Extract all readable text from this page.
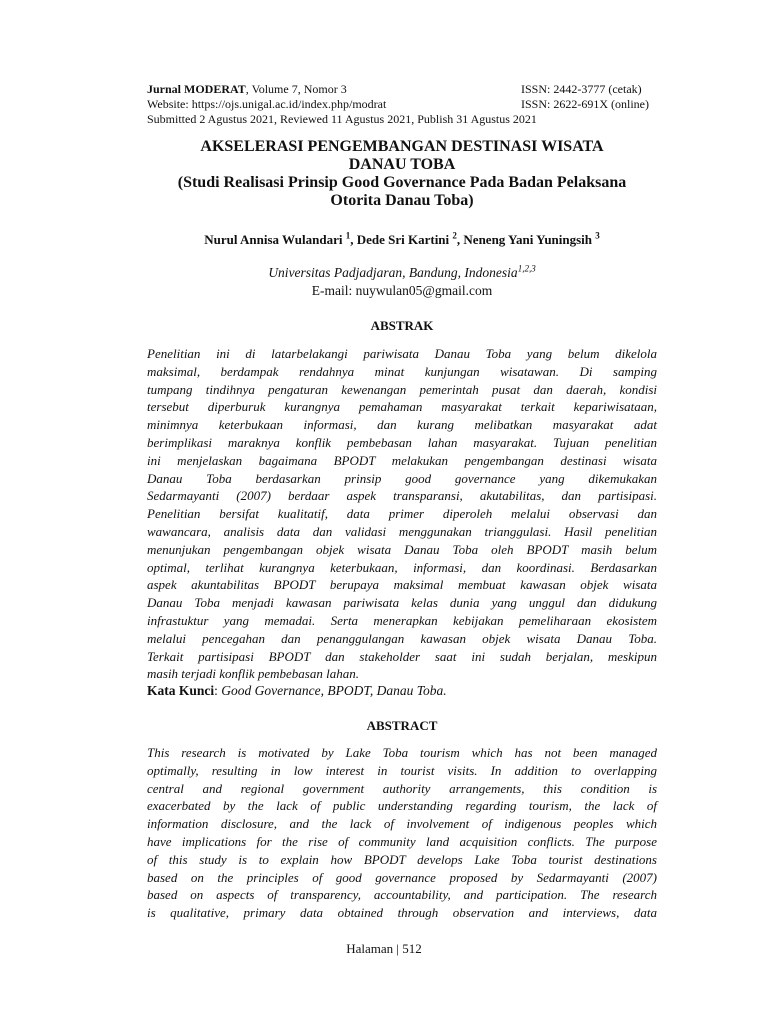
Jurnal MODERAT, Volume 7, Nomor 3	ISSN: 2442-3777 (cetak)
Website: https://ojs.unigal.ac.id/index.php/modrat	ISSN: 2622-691X (online)
Submitted 2 Agustus 2021, Reviewed 11 Agustus 2021, Publish 31 Agustus 2021
AKSELERASI PENGEMBANGAN DESTINASI WISATA
DANAU TOBA
(Studi Realisasi Prinsip Good Governance Pada Badan Pelaksana
Otorita Danau Toba)
Nurul Annisa Wulandari $^1$, Dede Sri Kartini $^2$, Neneng Yani Yuningsih $^3$
Universitas Padjadjaran, Bandung, Indonesia$^{1,2,3}$
E-mail: nuywulan05@gmail.com
ABSTRAK
Penelitian ini di latarbelakangi pariwisata Danau Toba yang belum dikelola
maksimal, berdampak rendahnya minat kunjungan wisatawan. Di samping
tumpang tindihnya pengaturan kewenangan pemerintah pusat dan daerah, kondisi
tersebut diperburuk kurangnya pemahaman masyarakat terkait kepariwisataan,
minimnya keterbukaan informasi, dan kurang melibatkan masyarakat adat
berimplikasi maraknya konflik pembebasan lahan masyarakat. Tujuan penelitian
ini menjelaskan bagaimana BPODT melakukan pengembangan destinasi wisata
Danau Toba berdasarkan prinsip good governance yang dikemukakan
Sedarmayanti (2007) berdaar aspek transparansi, akutabilitas, dan partisipasi.
Penelitian bersifat kualitatif, data primer diperoleh melalui observasi dan
wawancara, analisis data dan validasi menggunakan trianggulasi. Hasil penelitian
menunjukan pengembangan objek wisata Danau Toba oleh BPODT masih belum
optimal, terlihat kurangnya keterbukaan, informasi, dan koordinasi. Berdasarkan
aspek akuntabilitas BPODT berupaya maksimal membuat kawasan objek wisata
Danau Toba menjadi kawasan pariwisata kelas dunia yang unggul dan didukung
infrastuktur yang memadai. Serta menerapkan kebijakan pemeliharaan ekosistem
melalui pencegahan dan penanggulangan kawasan objek wisata Danau Toba.
Terkait partisipasi BPODT dan stakeholder saat ini sudah berjalan, meskipun
masih terjadi konflik pembebasan lahan.
Kata Kunci: Good Governance, BPODT, Danau Toba.
ABSTRACT
This research is motivated by Lake Toba tourism which has not been managed
optimally, resulting in low interest in tourist visits. In addition to overlapping
central and regional government authority arrangements, this condition is
exacerbated by the lack of public understanding regarding tourism, the lack of
information disclosure, and the lack of involvement of indigenous peoples which
have implications for the rise of community land acquisition conflicts. The purpose
of this study is to explain how BPODT develops Lake Toba tourist destinations
based on the principles of good governance proposed by Sedarmayanti (2007)
based on aspects of transparency, accountability, and participation. The research
is qualitative, primary data obtained through observation and interviews, data
Halaman | 512
